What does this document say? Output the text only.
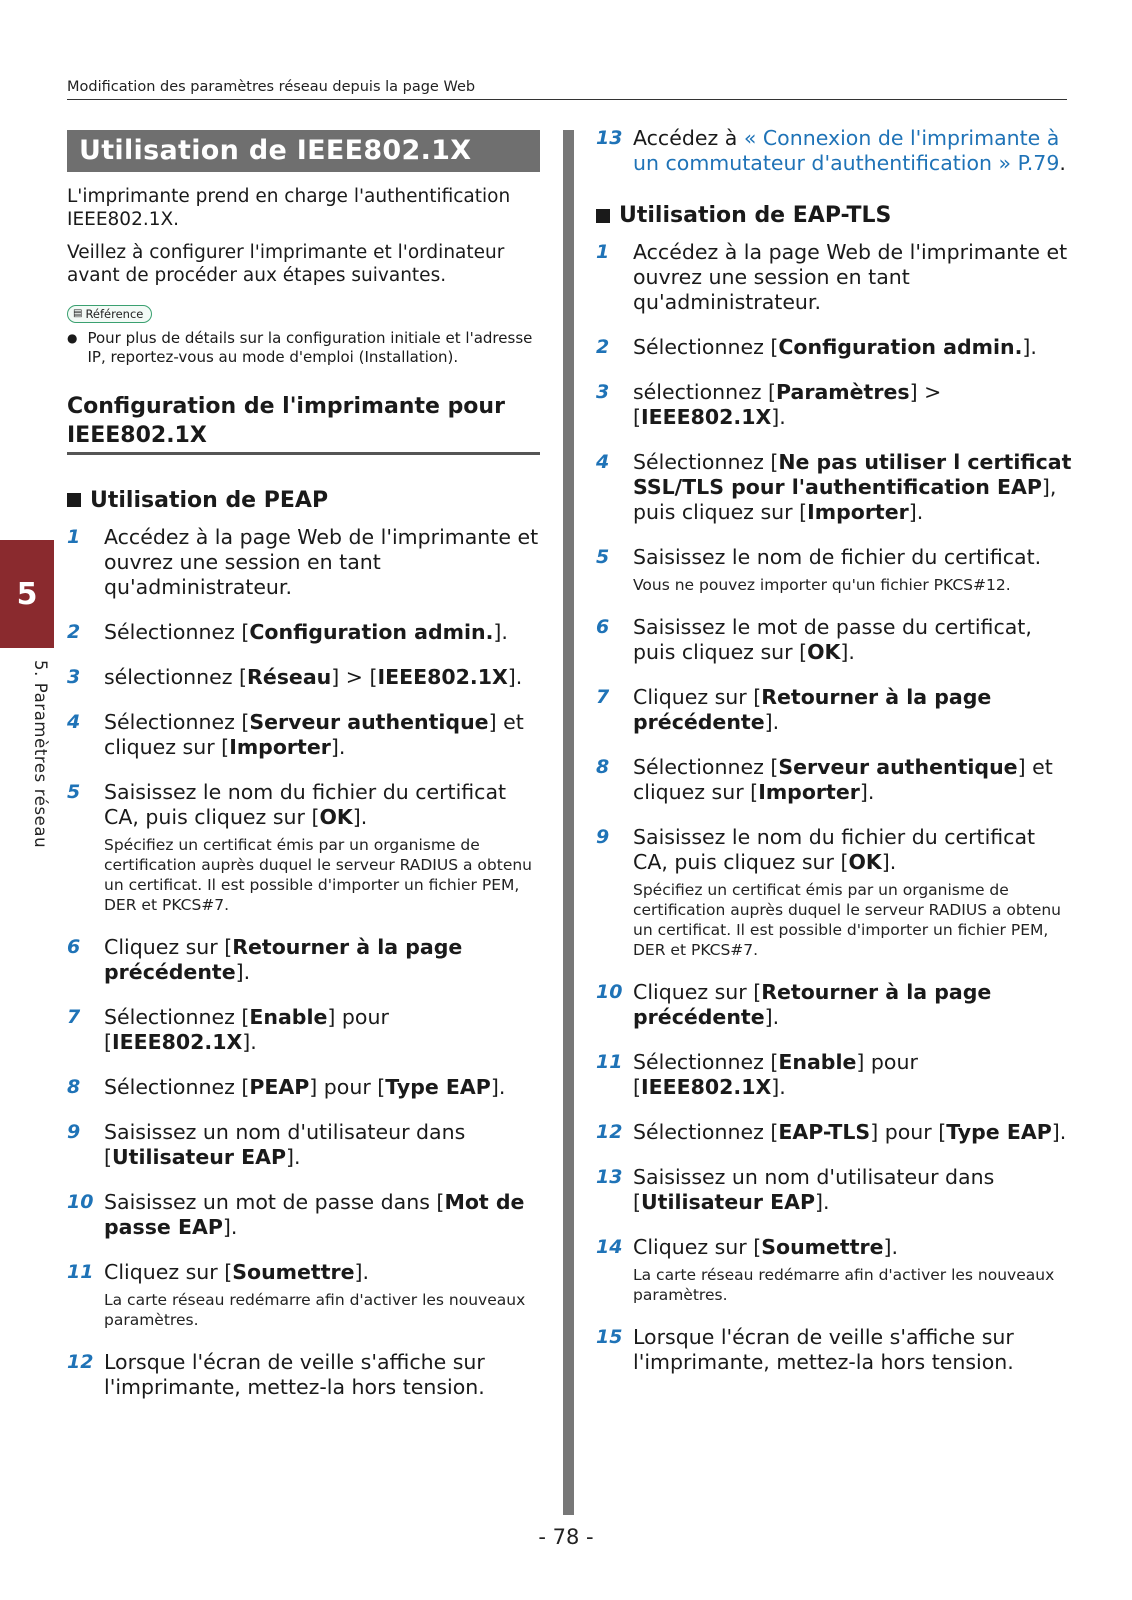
Modification des paramètres réseau depuis la page Web
5
5. Paramètres réseau
Utilisation de IEEE802.1X

L'imprimante prend en charge l'authentification IEEE802.1X.

Veillez à configurer l'imprimante et l'ordinateur avant de procéder aux étapes suivantes.

▤ Référence
● Pour plus de détails sur la configuration initiale et l'adresse IP, reportez-vous au mode d'emploi (Installation).
Configuration de l'imprimante pour IEEE802.1X
Utilisation de PEAP
1	Accédez à la page Web de l'imprimante et ouvrez une session en tant qu'administrateur.

2	Sélectionnez [Configuration admin.].

3	sélectionnez [Réseau] > [IEEE802.1X].

4	Sélectionnez [Serveur authentique] et cliquez sur [Importer].

5	Saisissez le nom du fichier du certificat CA, puis cliquez sur [OK].

Spécifiez un certificat émis par un organisme de certification auprès duquel le serveur RADIUS a obtenu un certificat. Il est possible d'importer un fichier PEM, DER et PKCS#7.

6	Cliquez sur [Retourner à la page précédente].

7	Sélectionnez [Enable] pour [IEEE802.1X].

8	Sélectionnez [PEAP] pour [Type EAP].

9	Saisissez un nom d'utilisateur dans [Utilisateur EAP].

10 Saisissez un mot de passe dans [Mot de passe EAP].

11 Cliquez sur [Soumettre].

La carte réseau redémarre afin d'activer les nouveaux paramètres.

12 Lorsque l'écran de veille s'affiche sur l'imprimante, mettez-la hors tension.

13 Accédez à « Connexion de l'imprimante à un commutateur d'authentification » P.79.

Utilisation de EAP-TLS
1	Accédez à la page Web de l'imprimante et ouvrez une session en tant qu'administrateur.

2	Sélectionnez [Configuration admin.].

3	sélectionnez [Paramètres] > [IEEE802.1X].

4	Sélectionnez [Ne pas utiliser l certificat SSL/TLS pour l'authentification EAP], puis cliquez sur [Importer].

5	Saisissez le nom de fichier du certificat.

Vous ne pouvez importer qu'un fichier PKCS#12.

6	Saisissez le mot de passe du certificat, puis cliquez sur [OK].

7	Cliquez sur [Retourner à la page précédente].

8	Sélectionnez [Serveur authentique] et cliquez sur [Importer].

9	Saisissez le nom du fichier du certificat CA, puis cliquez sur [OK].

Spécifiez un certificat émis par un organisme de certification auprès duquel le serveur RADIUS a obtenu un certificat. Il est possible d'importer un fichier PEM, DER et PKCS#7.

10 Cliquez sur [Retourner à la page précédente].

11 Sélectionnez [Enable] pour [IEEE802.1X].

12 Sélectionnez [EAP-TLS] pour [Type EAP].

13 Saisissez un nom d'utilisateur dans [Utilisateur EAP].

14 Cliquez sur [Soumettre].

La carte réseau redémarre afin d'activer les nouveaux paramètres.

15 Lorsque l'écran de veille s'affiche sur l'imprimante, mettez-la hors tension.

- 78 -
